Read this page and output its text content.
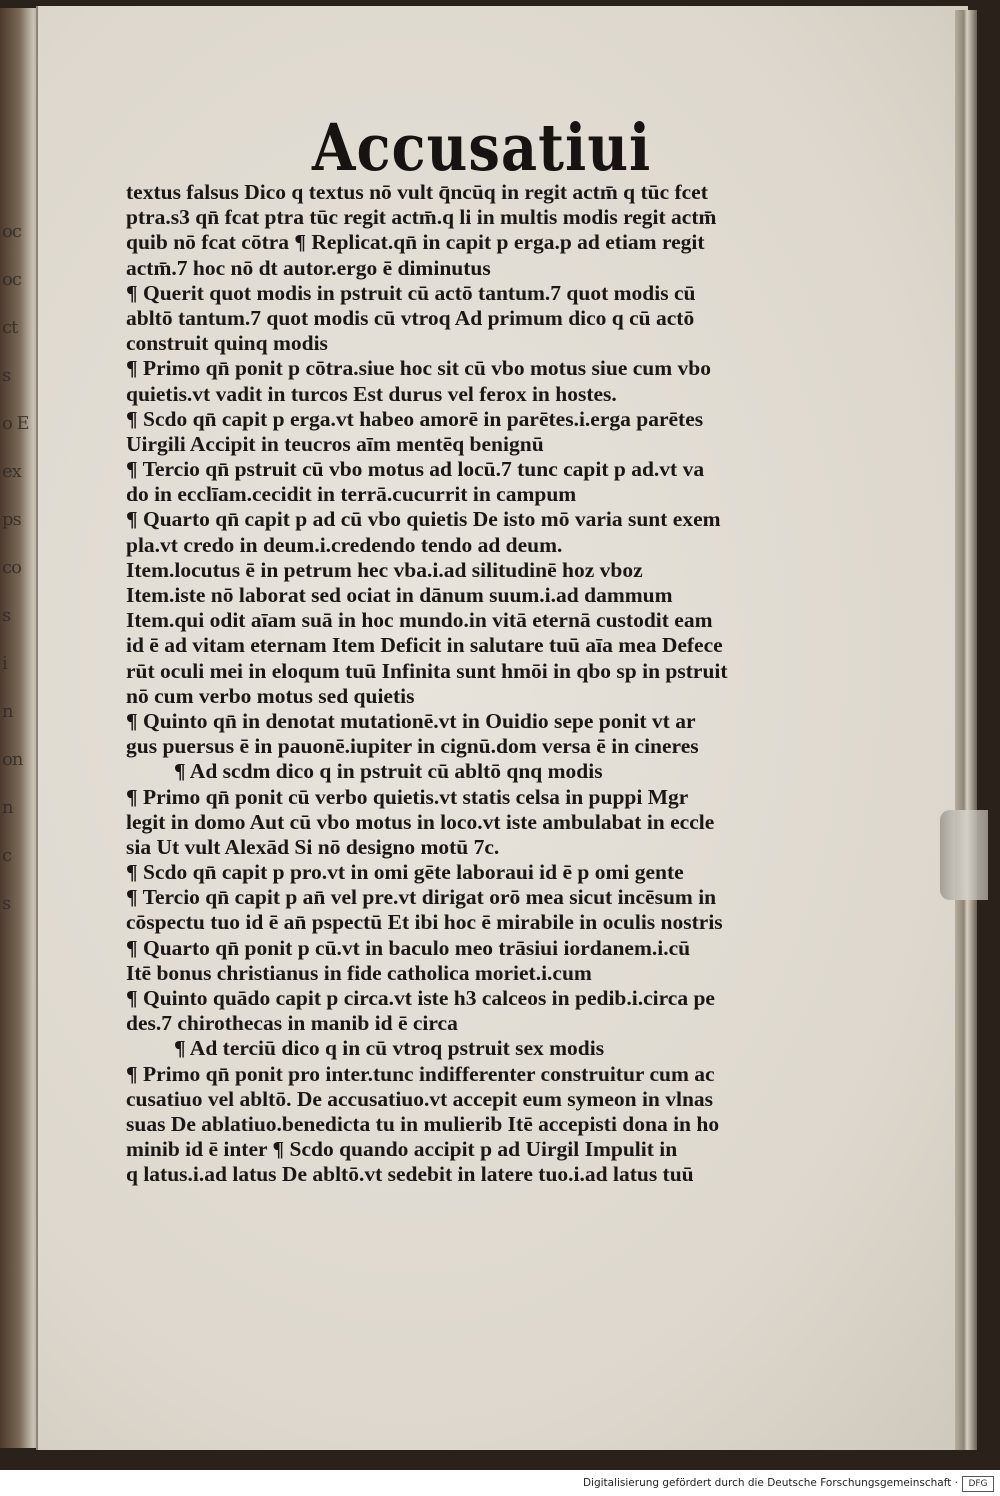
oc
oc
ct
s
o E
ex
ps
co
s
i
n
on
n
c
s
Accusatiui
textus falsus Dico q textus nō vult q̄ncūq in regit actm̄ q tūc fcet
ptra.s3 qn̄ fcat ptra tūc regit actm̄.q li in multis modis regit actm̄
quib nō fcat cōtra ¶ Replicat.qn̄ in capit p erga.p ad etiam regit
actm̄.7 hoc nō dt autor.ergo ē diminutus
¶ Querit quot modis in pstruit cū actō tantum.7 quot modis cū
abltō tantum.7 quot modis cū vtroq Ad primum dico q cū actō
construit quinq modis
¶ Primo qn̄ ponit p cōtra.siue hoc sit cū vbo motus siue cum vbo
quietis.vt vadit in turcos Est durus vel ferox in hostes.
¶ Scdo qn̄ capit p erga.vt habeo amorē in parētes.i.erga parētes
Uirgili Accipit in teucros aīm mentēq benignū
¶ Tercio qn̄ pstruit cū vbo motus ad locū.7 tunc capit p ad.vt va
do in ecclīam.cecidit in terrā.cucurrit in campum
¶ Quarto qn̄ capit p ad cū vbo quietis De isto mō varia sunt exem
pla.vt credo in deum.i.credendo tendo ad deum.
Item.locutus ē in petrum hec vba.i.ad silitudinē hoz vboz
Item.iste nō laborat sed ociat in dānum suum.i.ad dammum
Item.qui odit aīam suā in hoc mundo.in vitā eternā custodit eam
id ē ad vitam eternam Item Deficit in salutare tuū aīa mea Defece
rūt oculi mei in eloqum tuū Infinita sunt hmōi in qbo sp in pstruit
nō cum verbo motus sed quietis
¶ Quinto qn̄ in denotat mutationē.vt in Ouidio sepe ponit vt ar
gus puersus ē in pauonē.iupiter in cignū.dom versa ē in cineres
¶ Ad scdm dico q in pstruit cū abltō qnq modis
¶ Primo qn̄ ponit cū verbo quietis.vt statis celsa in puppi Mgr
legit in domo Aut cū vbo motus in loco.vt iste ambulabat in eccle
sia Ut vult Alexād Si nō designo motū 7c.
¶ Scdo qn̄ capit p pro.vt in omi gēte laboraui id ē p omi gente
¶ Tercio qn̄ capit p an̄ vel pre.vt dirigat orō mea sicut incēsum in
cōspectu tuo id ē an̄ pspectū Et ibi hoc ē mirabile in oculis nostris
¶ Quarto qn̄ ponit p cū.vt in baculo meo trāsiui iordanem.i.cū
Itē bonus christianus in fide catholica moriet.i.cum
¶ Quinto quādo capit p circa.vt iste h3 calceos in pedib.i.circa pe
des.7 chirothecas in manib id ē circa
¶ Ad terciū dico q in cū vtroq pstruit sex modis
¶ Primo qn̄ ponit pro inter.tunc indifferenter construitur cum ac
cusatiuo vel abltō. De accusatiuo.vt accepit eum symeon in vlnas
suas De ablatiuo.benedicta tu in mulierib Itē accepisti dona in ho
minib id ē inter ¶ Scdo quando accipit p ad Uirgil Impulit in
q latus.i.ad latus De abltō.vt sedebit in latere tuo.i.ad latus tuū
Digitalisierung gefördert durch die Deutsche Forschungsgemeinschaft ·	DFG
